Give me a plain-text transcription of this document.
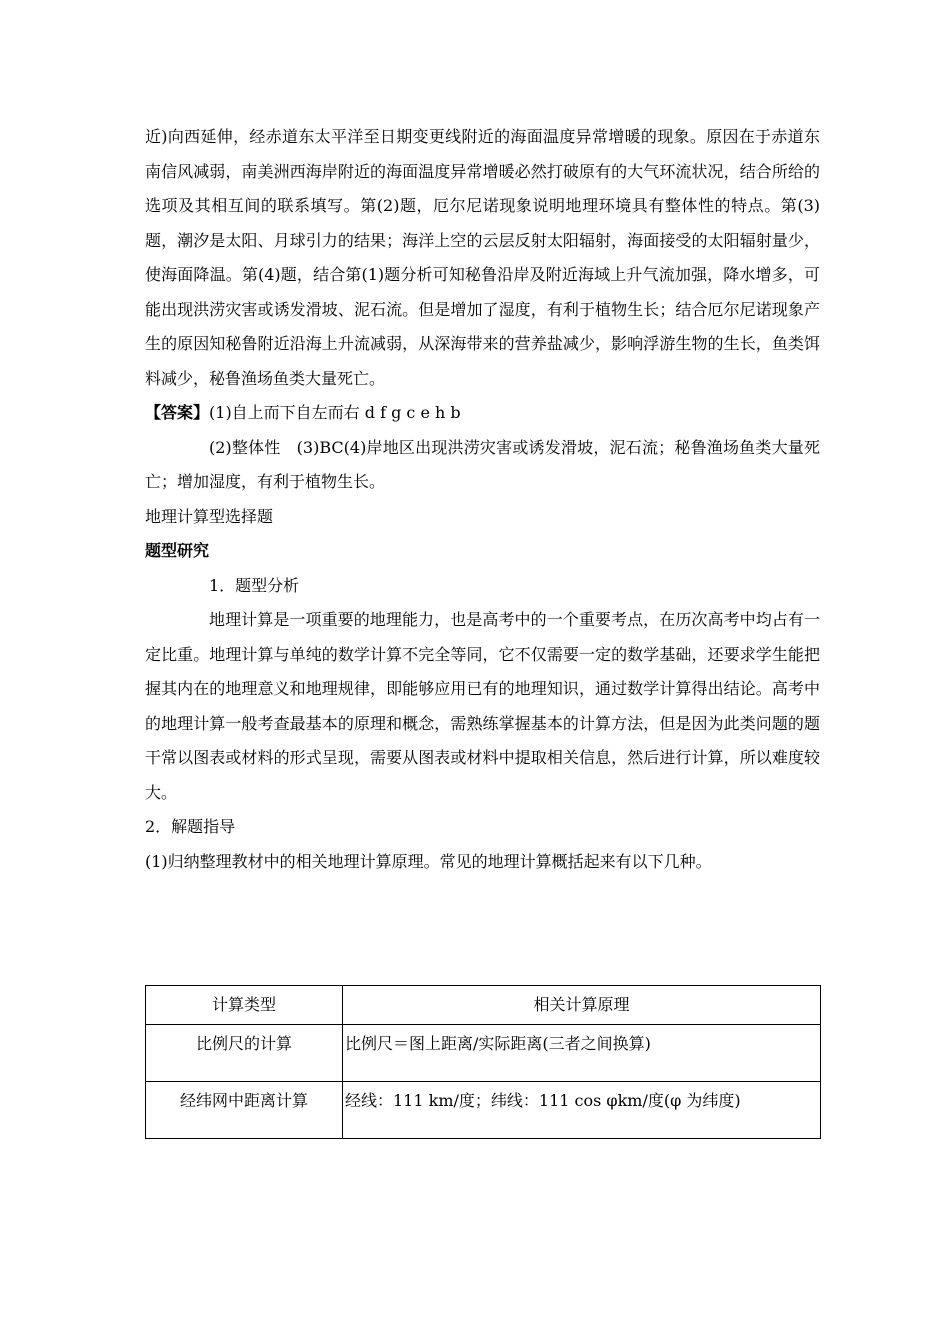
近)向西延伸，经赤道东太平洋至日期变更线附近的海面温度异常增暖的现象。原因在于赤道东南信风减弱，南美洲西海岸附近的海面温度异常增暖必然打破原有的大气环流状况，结合所给的选项及其相互间的联系填写。第(2)题，厄尔尼诺现象说明地理环境具有整体性的特点。第(3)题，潮汐是太阳、月球引力的结果；海洋上空的云层反射太阳辐射，海面接受的太阳辐射量少，使海面降温。第(4)题，结合第(1)题分析可知秘鲁沿岸及附近海域上升气流加强，降水增多，可能出现洪涝灾害或诱发滑坡、泥石流。但是增加了湿度，有利于植物生长；结合厄尔尼诺现象产生的原因知秘鲁附近沿海上升流减弱，从深海带来的营养盐减少，影响浮游生物的生长，鱼类饵料减少，秘鲁渔场鱼类大量死亡。

【答案】(1)自上而下自左而右 d f g c e h b

(2)整体性　(3)BC(4)岸地区出现洪涝灾害或诱发滑坡，泥石流；秘鲁渔场鱼类大量死亡；增加湿度，有利于植物生长。

地理计算型选择题

题型研究

1．题型分析

地理计算是一项重要的地理能力，也是高考中的一个重要考点，在历次高考中均占有一定比重。地理计算与单纯的数学计算不完全等同，它不仅需要一定的数学基础，还要求学生能把握其内在的地理意义和地理规律，即能够应用已有的地理知识，通过数学计算得出结论。高考中的地理计算一般考查最基本的原理和概念，需熟练掌握基本的计算方法，但是因为此类问题的题干常以图表或材料的形式呈现，需要从图表或材料中提取相关信息，然后进行计算，所以难度较大。

2．解题指导

(1)归纳整理教材中的相关地理计算原理。常见的地理计算概括起来有以下几种。

计算类型	相关计算原理
比例尺的计算	比例尺＝图上距离/实际距离(三者之间换算)
经纬网中距离计算	经线：111 km/度；纬线：111 cos φkm/度(φ 为纬度)
